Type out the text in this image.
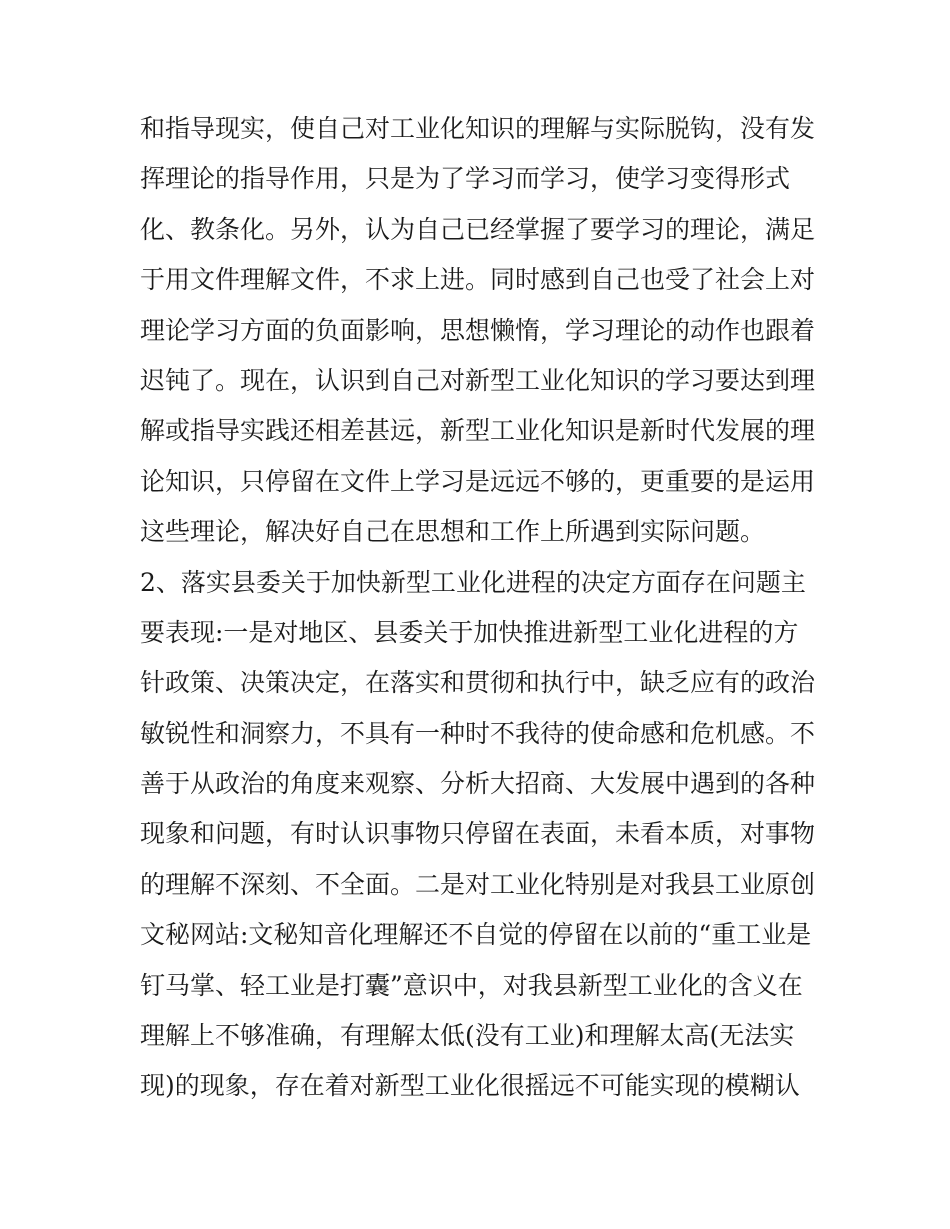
和指导现实，使自己对工业化知识的理解与实际脱钩，没有发
挥理论的指导作用，只是为了学习而学习，使学习变得形式
化、教条化。另外，认为自己已经掌握了要学习的理论，满足
于用文件理解文件，不求上进。同时感到自己也受了社会上对
理论学习方面的负面影响，思想懒惰，学习理论的动作也跟着
迟钝了。现在，认识到自己对新型工业化知识的学习要达到理
解或指导实践还相差甚远，新型工业化知识是新时代发展的理
论知识，只停留在文件上学习是远远不够的，更重要的是运用
这些理论，解决好自己在思想和工作上所遇到实际问题。
2、落实县委关于加快新型工业化进程的决定方面存在问题主
要表现:一是对地区、县委关于加快推进新型工业化进程的方
针政策、决策决定，在落实和贯彻和执行中，缺乏应有的政治
敏锐性和洞察力，不具有一种时不我待的使命感和危机感。不
善于从政治的角度来观察、分析大招商、大发展中遇到的各种
现象和问题，有时认识事物只停留在表面，未看本质，对事物
的理解不深刻、不全面。二是对工业化特别是对我县工业原创
文秘网站:文秘知音化理解还不自觉的停留在以前的“重工业是
钉马掌、轻工业是打囊”意识中，对我县新型工业化的含义在
理解上不够准确，有理解太低(没有工业)和理解太高(无法实
现)的现象，存在着对新型工业化很摇远不可能实现的模糊认
